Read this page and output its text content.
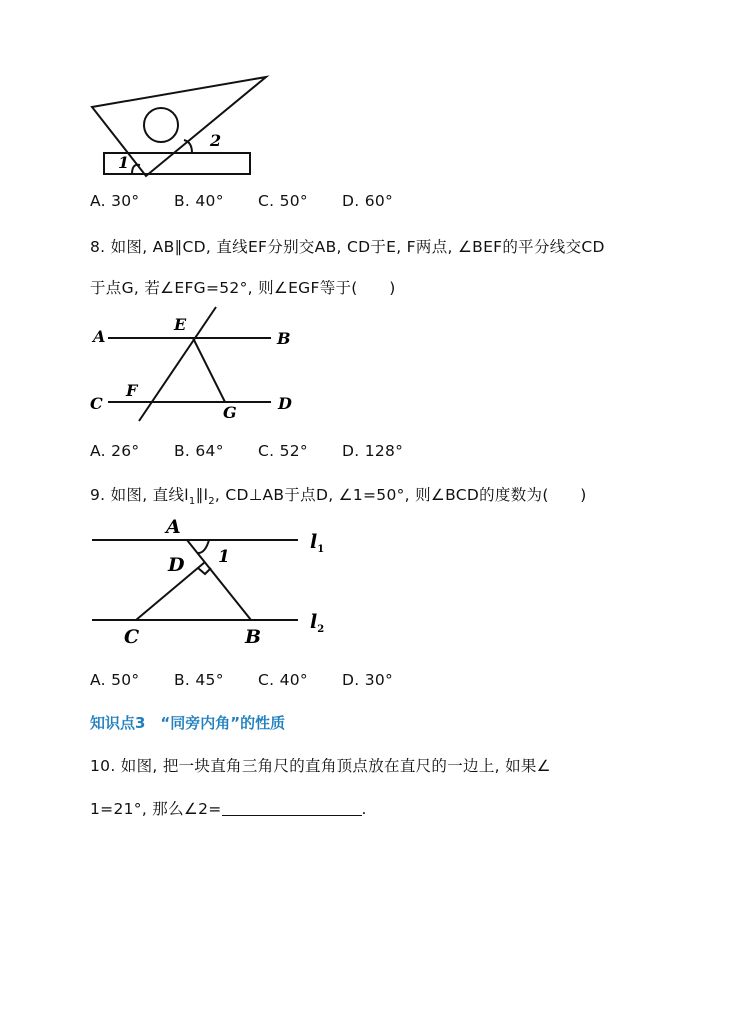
1
2
A. 30° B. 40° C. 50° D. 60°
8. 如图, AB∥CD, 直线EF分别交AB, CD于E, F两点, ∠BEF的平分线交CD
于点G, 若∠EFG=52°, 则∠EGF等于(　　)
A	B
E
C
F
G	D
A. 26° B. 64° C. 52° D. 128°
9. 如图, 直线$l_1\parallel l_2$, CD⊥AB于点D, ∠1=50°, 则∠BCD的度数为(　　)
A
D 1
C	B
$l_1$
$l_2$
A. 50° B. 45° C. 40° D. 30°
知识点3　“同旁内角”的性质
10. 如图, 把一块直角三角尺的直角顶点放在直尺的一边上, 如果∠
1=21°, 那么∠2=	.
